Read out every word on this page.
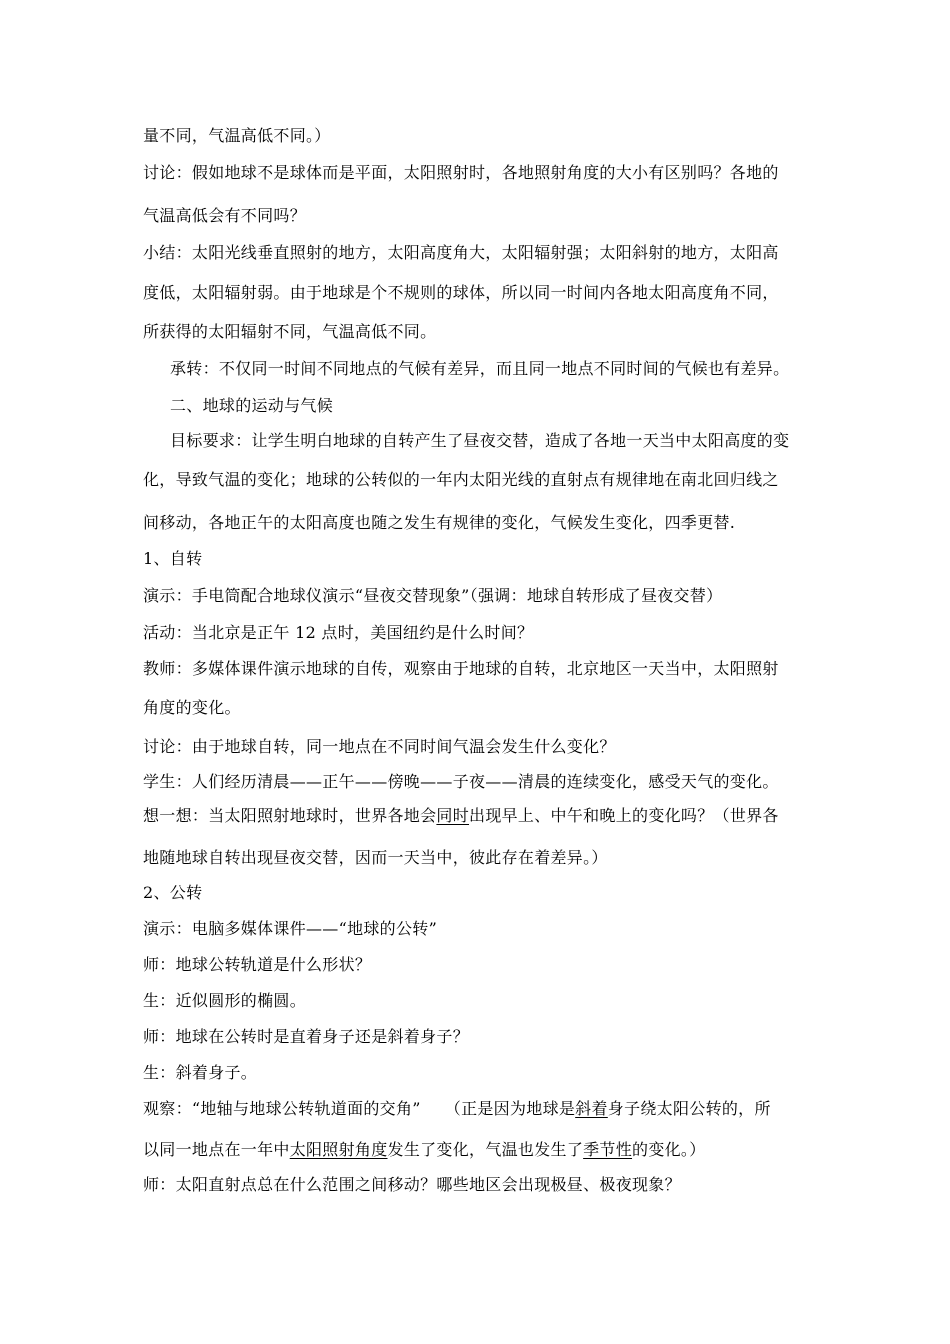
量不同，气温高低不同。）
讨论：假如地球不是球体而是平面，太阳照射时，各地照射角度的大小有区别吗？各地的
气温高低会有不同吗？
小结：太阳光线垂直照射的地方，太阳高度角大，太阳辐射强；太阳斜射的地方，太阳高
度低，太阳辐射弱。由于地球是个不规则的球体，所以同一时间内各地太阳高度角不同，
所获得的太阳辐射不同，气温高低不同。
承转：不仅同一时间不同地点的气候有差异，而且同一地点不同时间的气候也有差异。
二、地球的运动与气候
目标要求：让学生明白地球的自转产生了昼夜交替，造成了各地一天当中太阳高度的变
化，导致气温的变化；地球的公转似的一年内太阳光线的直射点有规律地在南北回归线之
间移动，各地正午的太阳高度也随之发生有规律的变化，气候发生变化，四季更替.
1、自转
演示：手电筒配合地球仪演示“昼夜交替现象”（强调：地球自转形成了昼夜交替）
活动：当北京是正午 12 点时，美国纽约是什么时间？
教师：多媒体课件演示地球的自传，观察由于地球的自转，北京地区一天当中，太阳照射
角度的变化。
讨论：由于地球自转，同一地点在不同时间气温会发生什么变化？
学生：人们经历清晨——正午——傍晚——子夜——清晨的连续变化，感受天气的变化。
想一想：当太阳照射地球时，世界各地会同时出现早上、中午和晚上的变化吗？（世界各
地随地球自转出现昼夜交替，因而一天当中，彼此存在着差异。）
2、公转
演示：电脑多媒体课件——“地球的公转”
师：地球公转轨道是什么形状？
生：近似圆形的椭圆。
师：地球在公转时是直着身子还是斜着身子？
生：斜着身子。
观察：“地轴与地球公转轨道面的交角” （正是因为地球是斜着身子绕太阳公转的，所
以同一地点在一年中太阳照射角度发生了变化，气温也发生了季节性的变化。）
师：太阳直射点总在什么范围之间移动？哪些地区会出现极昼、极夜现象？
